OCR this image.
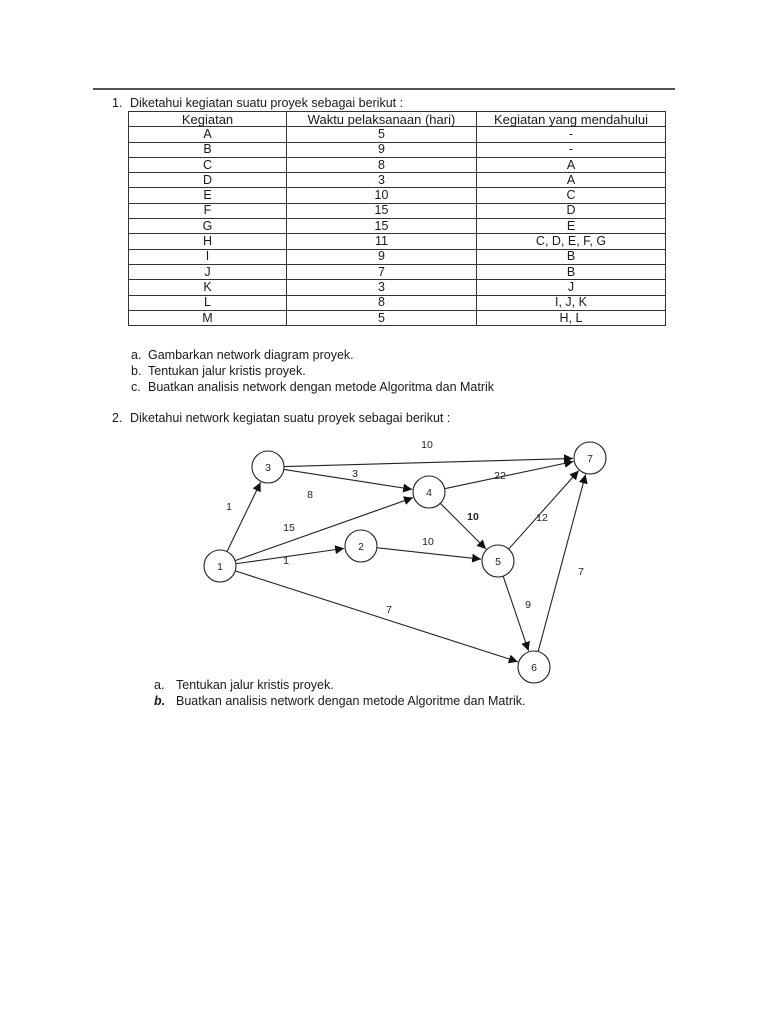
1. Diketahui kegiatan suatu proyek sebagai berikut :
Kegiatan	Waktu pelaksanaan (hari)	Kegiatan yang mendahului
A	5	-
B	9	-
C	8	A
D	3	A
E	10	C
F	15	D
G	15	E
H	11	C, D, E, F, G
I	9	B
J	7	B
K	3	J
L	8	I, J, K
M	5	H, L
a. Gambarkan network diagram proyek.
b. Tentukan jalur kristis proyek.
c. Buatkan analisis network dengan metode Algoritma dan Matrik
2. Diketahui network kegiatan suatu proyek sebagai berikut :
1
2
3
4
5
6
7
1
15
1
7
10
3
10
22
10	12
9
7
8
a. Tentukan jalur kristis proyek.
b. Buatkan analisis network dengan metode Algoritme dan Matrik.
